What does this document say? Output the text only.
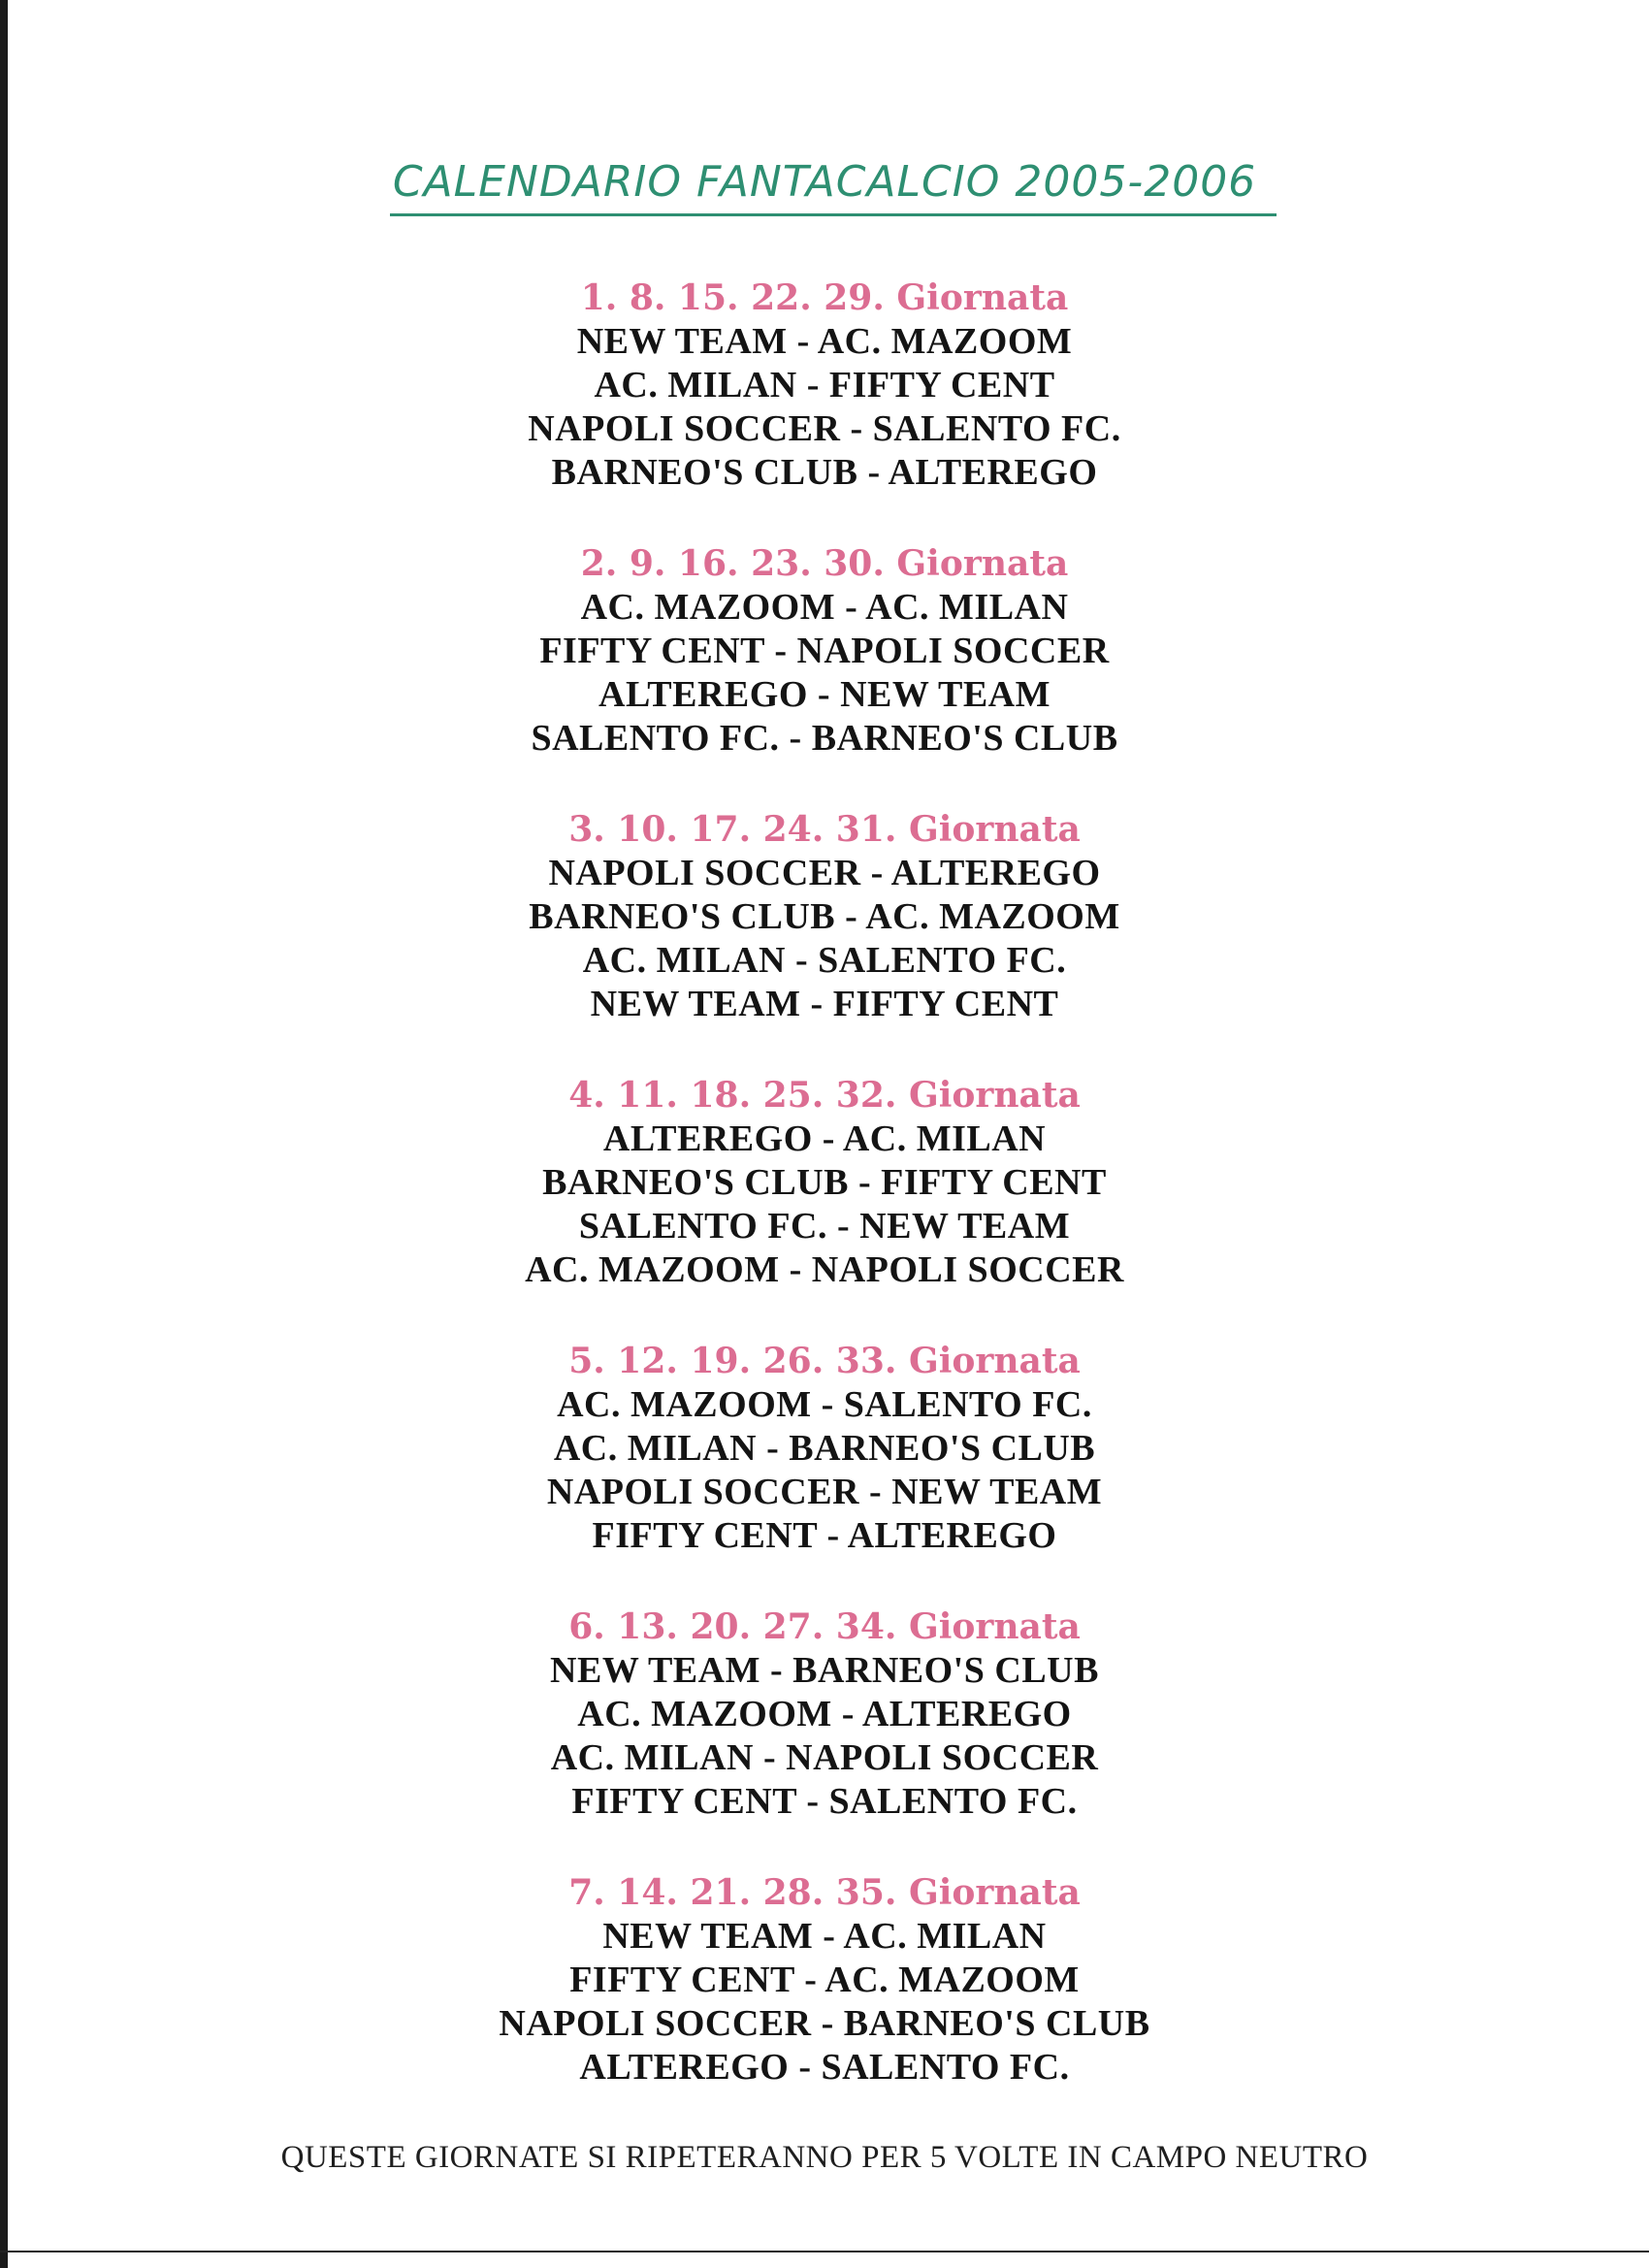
CALENDARIO FANTACALCIO 2005-2006
1. 8. 15. 22. 29. Giornata
NEW TEAM - AC. MAZOOM
AC. MILAN - FIFTY CENT
NAPOLI SOCCER - SALENTO FC.
BARNEO'S CLUB - ALTEREGO
2. 9. 16. 23. 30. Giornata
AC. MAZOOM - AC. MILAN
FIFTY CENT - NAPOLI SOCCER
ALTEREGO - NEW TEAM
SALENTO FC. - BARNEO'S CLUB
3. 10. 17. 24. 31. Giornata
NAPOLI SOCCER - ALTEREGO
BARNEO'S CLUB - AC. MAZOOM
AC. MILAN - SALENTO FC.
NEW TEAM - FIFTY CENT
4. 11. 18. 25. 32. Giornata
ALTEREGO - AC. MILAN
BARNEO'S CLUB - FIFTY CENT
SALENTO FC. - NEW TEAM
AC. MAZOOM - NAPOLI SOCCER
5. 12. 19. 26. 33. Giornata
AC. MAZOOM - SALENTO FC.
AC. MILAN - BARNEO'S CLUB
NAPOLI SOCCER - NEW TEAM
FIFTY CENT - ALTEREGO
6. 13. 20. 27. 34. Giornata
NEW TEAM - BARNEO'S CLUB
AC. MAZOOM - ALTEREGO
AC. MILAN - NAPOLI SOCCER
FIFTY CENT - SALENTO FC.
7. 14. 21. 28. 35. Giornata
NEW TEAM - AC. MILAN
FIFTY CENT - AC. MAZOOM
NAPOLI SOCCER - BARNEO'S CLUB
ALTEREGO - SALENTO FC.
QUESTE GIORNATE SI RIPETERANNO PER 5 VOLTE IN CAMPO NEUTRO
